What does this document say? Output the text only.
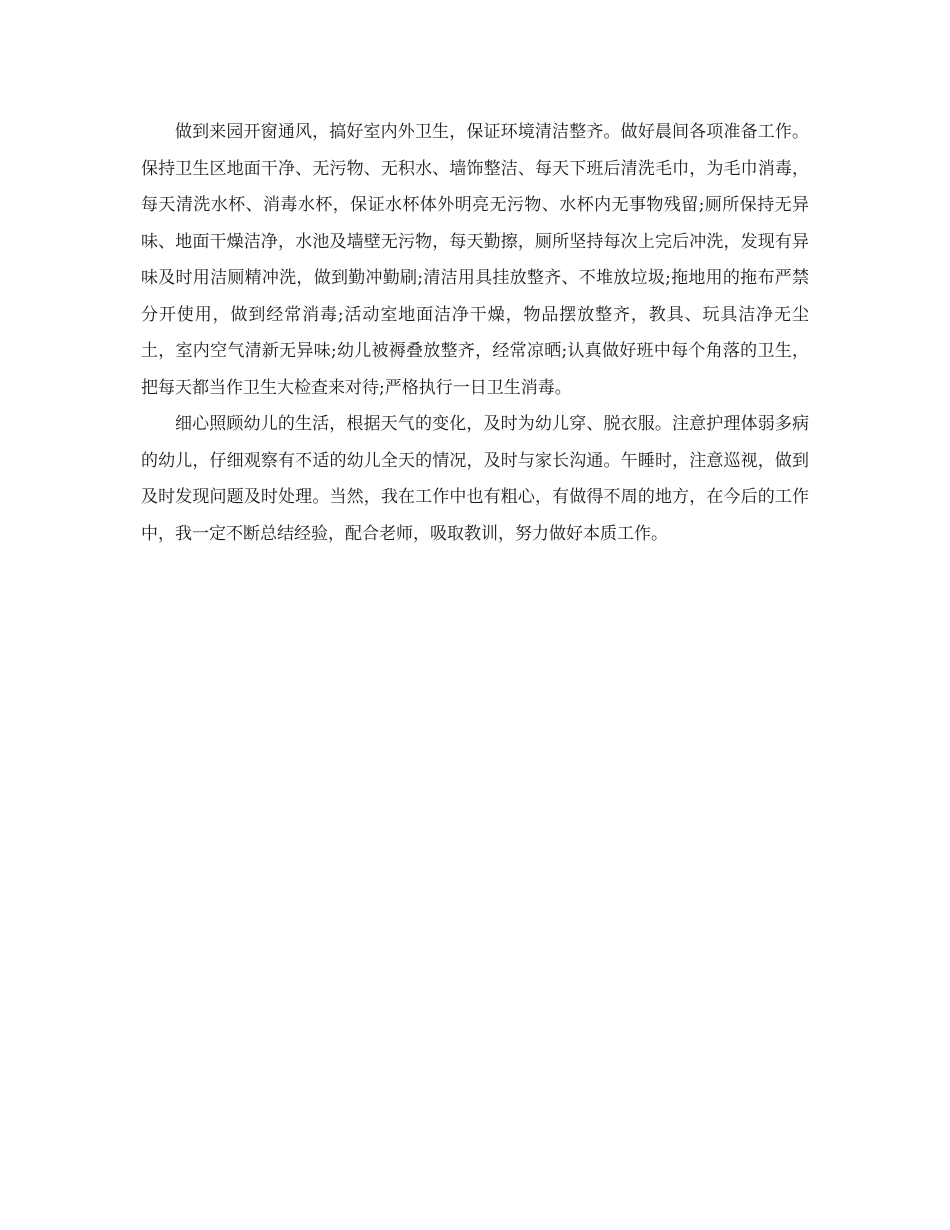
做到来园开窗通风，搞好室内外卫生，保证环境清洁整齐。做好晨间各项准备工作。保持卫生区地面干净、无污物、无积水、墙饰整洁、每天下班后清洗毛巾，为毛巾消毒，每天清洗水杯、消毒水杯，保证水杯体外明亮无污物、水杯内无事物残留;厕所保持无异味、地面干燥洁净，水池及墙壁无污物，每天勤擦，厕所坚持每次上完后冲洗，发现有异味及时用洁厕精冲洗，做到勤冲勤刷;清洁用具挂放整齐、不堆放垃圾;拖地用的拖布严禁分开使用，做到经常消毒;活动室地面洁净干燥，物品摆放整齐，教具、玩具洁净无尘土，室内空气清新无异味;幼儿被褥叠放整齐，经常凉晒;认真做好班中每个角落的卫生，把每天都当作卫生大检查来对待;严格执行一日卫生消毒。

细心照顾幼儿的生活，根据天气的变化，及时为幼儿穿、脱衣服。注意护理体弱多病的幼儿，仔细观察有不适的幼儿全天的情况，及时与家长沟通。午睡时，注意巡视，做到及时发现问题及时处理。当然，我在工作中也有粗心，有做得不周的地方，在今后的工作中，我一定不断总结经验，配合老师，吸取教训，努力做好本质工作。
